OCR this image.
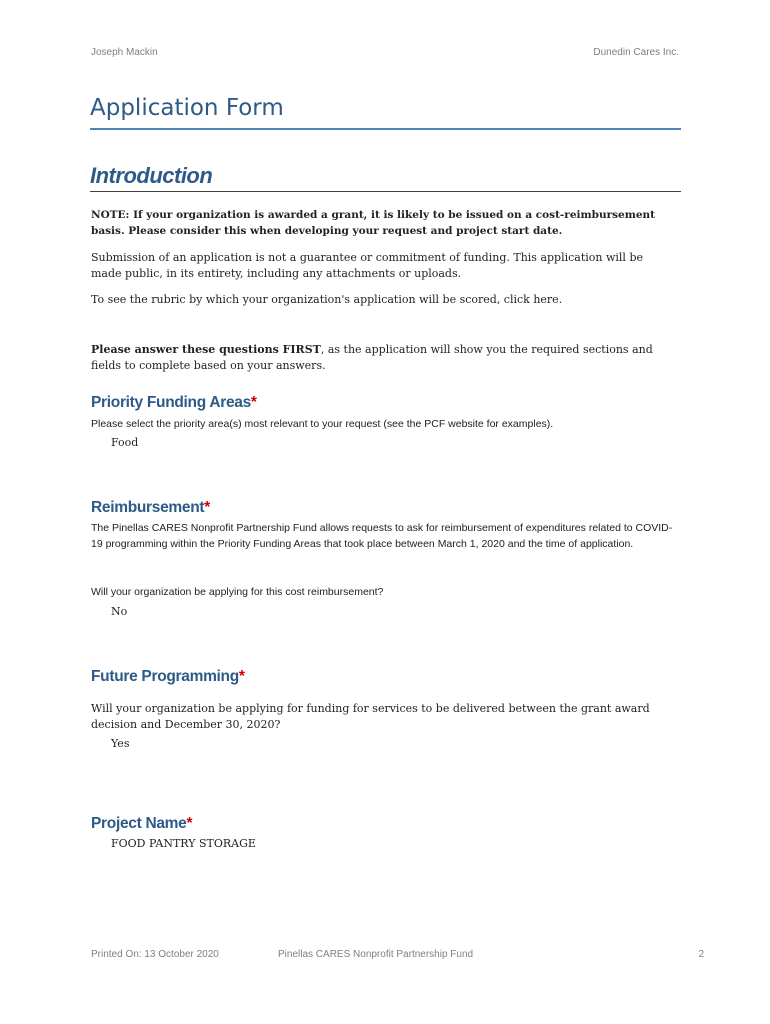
Joseph Mackin	Dunedin Cares Inc.
Application Form
Introduction
NOTE: If your organization is awarded a grant, it is likely to be issued on a cost-reimbursement basis. Please consider this when developing your request and project start date.
Submission of an application is not a guarantee or commitment of funding. This application will be made public, in its entirety, including any attachments or uploads.
To see the rubric by which your organization's application will be scored, click here.
Please answer these questions FIRST, as the application will show you the required sections and fields to complete based on your answers.
Priority Funding Areas*
Please select the priority area(s) most relevant to your request (see the PCF website for examples).
Food
Reimbursement*
The Pinellas CARES Nonprofit Partnership Fund allows requests to ask for reimbursement of expenditures related to COVID-19 programming within the Priority Funding Areas that took place between March 1, 2020 and the time of application.
Will your organization be applying for this cost reimbursement?
No
Future Programming*
Will your organization be applying for funding for services to be delivered between the grant award decision and December 30, 2020?
Yes
Project Name*
FOOD PANTRY STORAGE
Printed On: 13 October 2020	Pinellas CARES Nonprofit Partnership Fund	2
